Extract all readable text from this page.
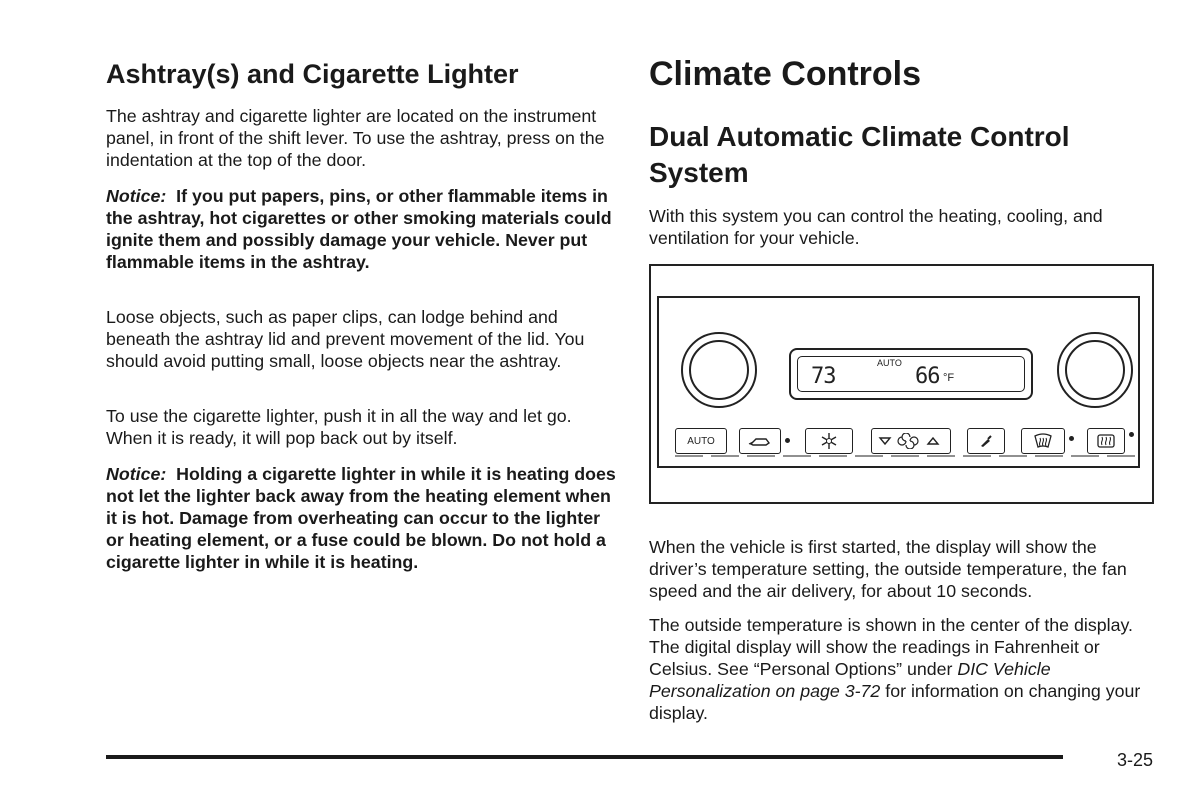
Ashtray(s) and Cigarette Lighter

The ashtray and cigarette lighter are located on the instrument panel, in front of the shift lever. To use the ashtray, press on the indentation at the top of the door.

Notice: If you put papers, pins, or other flammable items in the ashtray, hot cigarettes or other smoking materials could ignite them and possibly damage your vehicle. Never put flammable items in the ashtray.

Loose objects, such as paper clips, can lodge behind and beneath the ashtray lid and prevent movement of the lid. You should avoid putting small, loose objects near the ashtray.

To use the cigarette lighter, push it in all the way and let go. When it is ready, it will pop back out by itself.

Notice: Holding a cigarette lighter in while it is heating does not let the lighter back away from the heating element when it is hot. Damage from overheating can occur to the lighter or heating element, or a fuse could be blown. Do not hold a cigarette lighter in while it is heating.

Climate Controls
Dual Automatic Climate Control System

With this system you can control the heating, cooling, and ventilation for your vehicle.

When the vehicle is first started, the display will show the driver’s temperature setting, the outside temperature, the fan speed and the air delivery, for about 10 seconds.

The outside temperature is shown in the center of the display. The digital display will show the readings in Fahrenheit or Celsius. See “Personal Options” under DIC Vehicle Personalization on page 3-72 for information on changing your display.

73
AUTO
66 °F
AUTO
3-25
